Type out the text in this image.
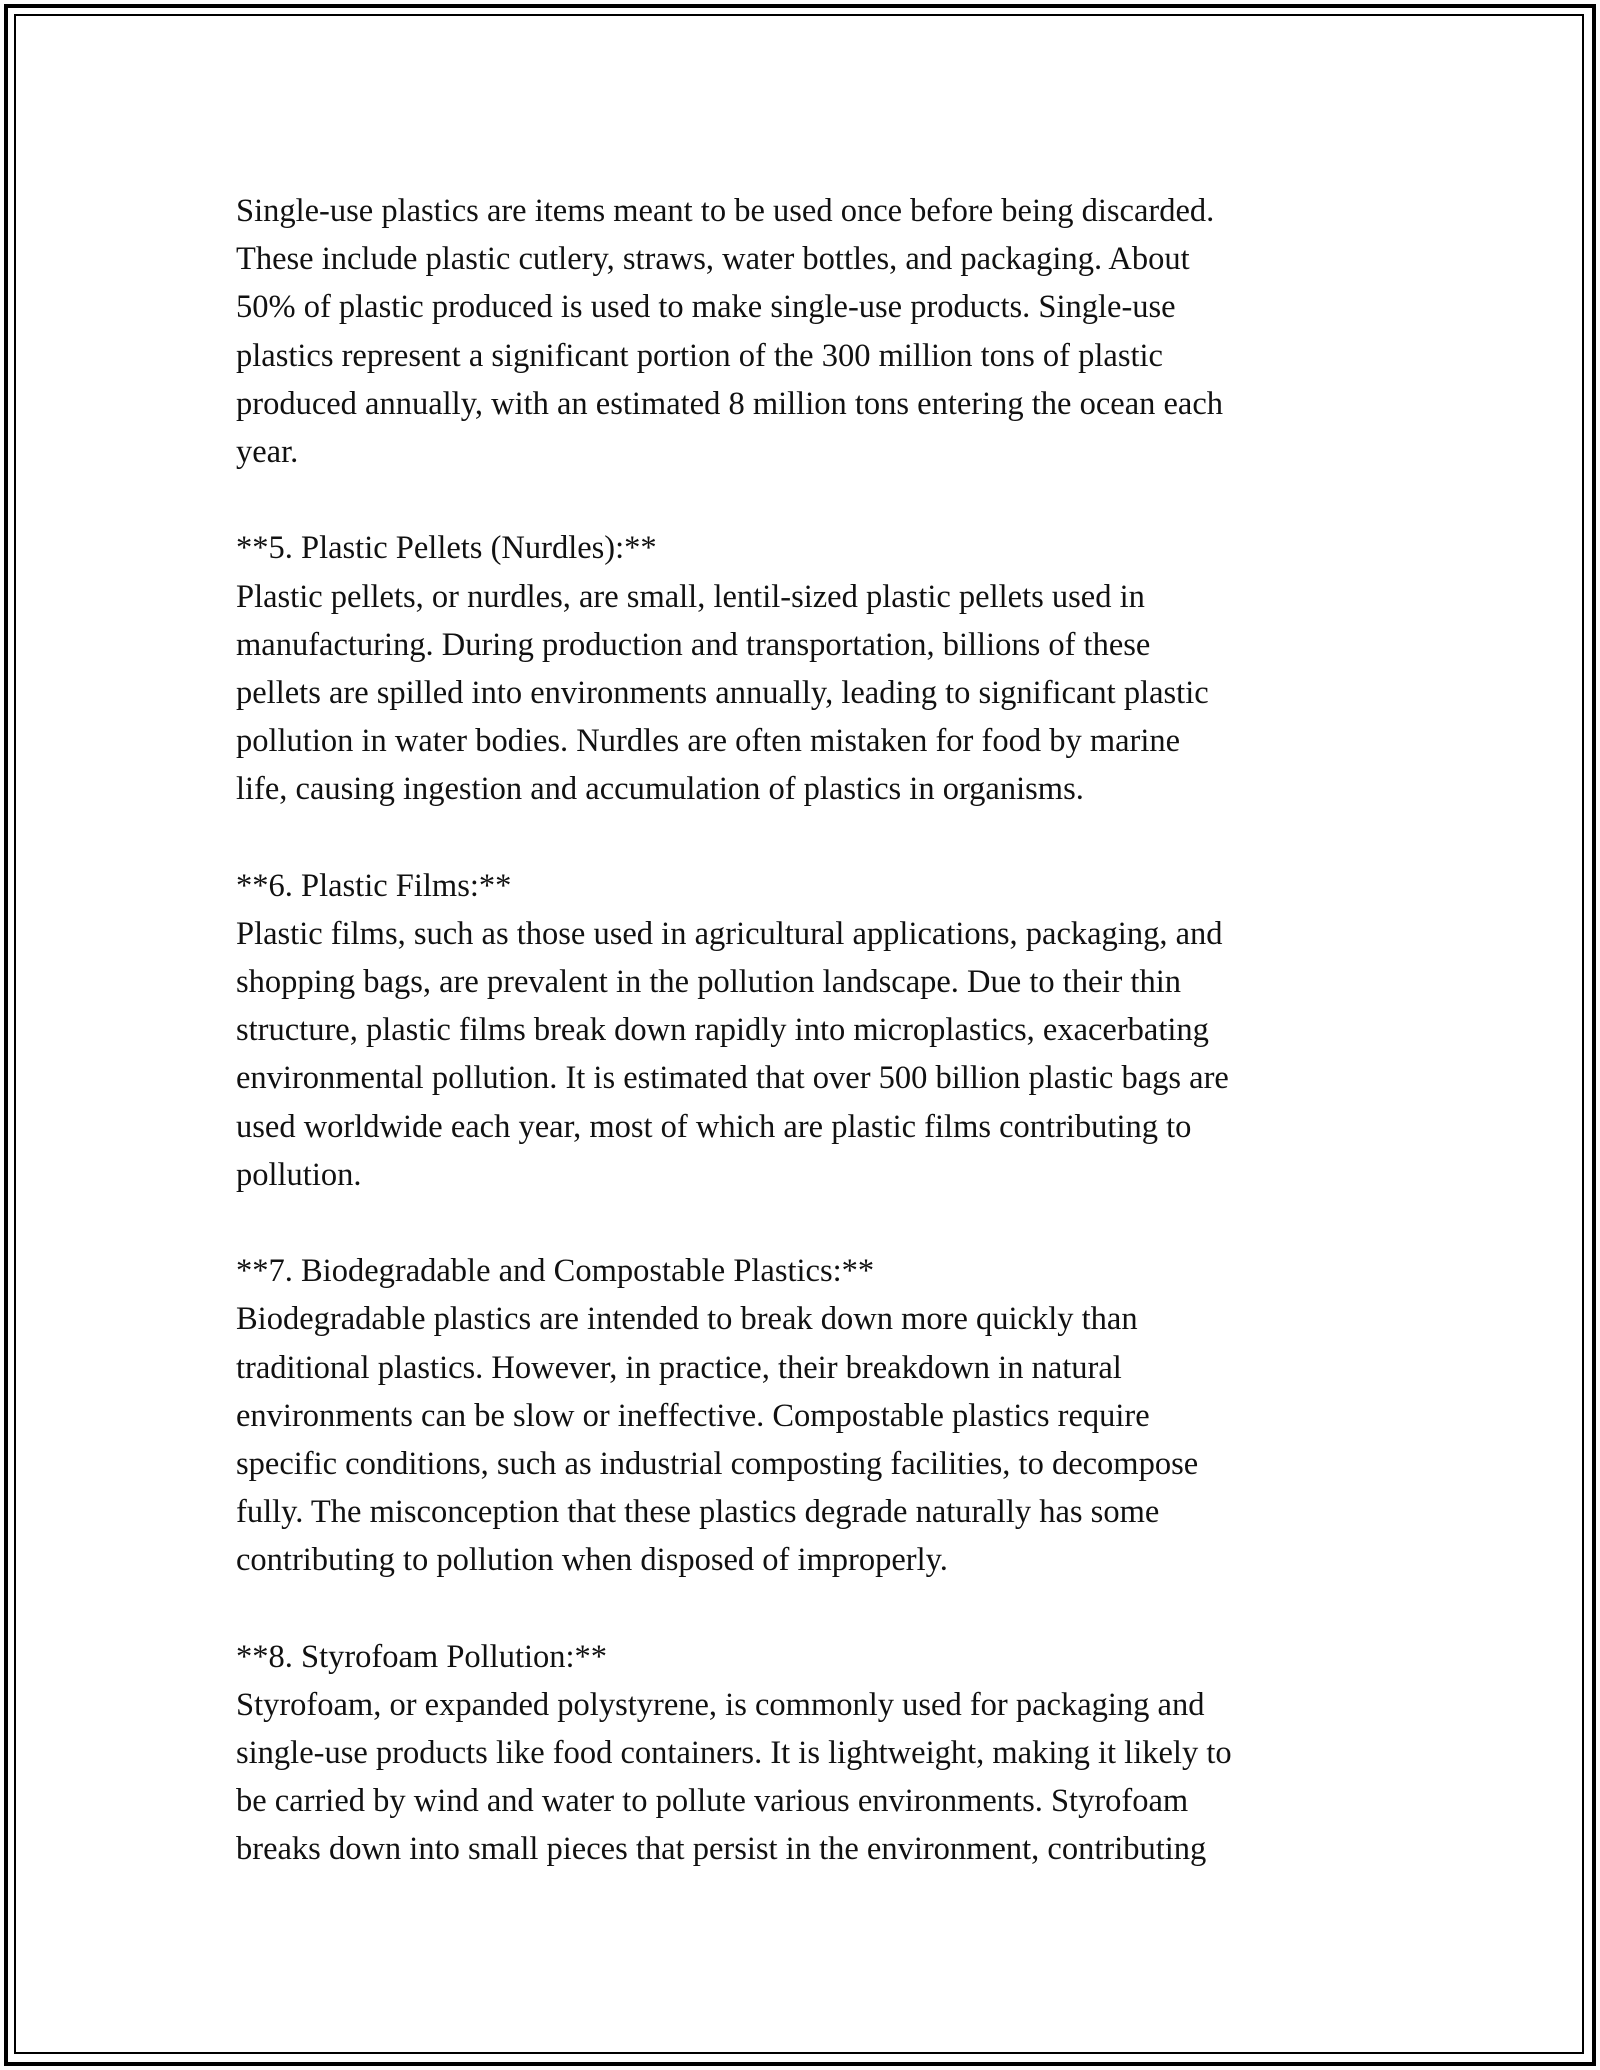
Single-use plastics are items meant to be used once before being discarded.
These include plastic cutlery, straws, water bottles, and packaging. About
50% of plastic produced is used to make single-use products. Single-use
plastics represent a significant portion of the 300 million tons of plastic
produced annually, with an estimated 8 million tons entering the ocean each
year.
**5. Plastic Pellets (Nurdles):**
Plastic pellets, or nurdles, are small, lentil-sized plastic pellets used in
manufacturing. During production and transportation, billions of these
pellets are spilled into environments annually, leading to significant plastic
pollution in water bodies. Nurdles are often mistaken for food by marine
life, causing ingestion and accumulation of plastics in organisms.
**6. Plastic Films:**
Plastic films, such as those used in agricultural applications, packaging, and
shopping bags, are prevalent in the pollution landscape. Due to their thin
structure, plastic films break down rapidly into microplastics, exacerbating
environmental pollution. It is estimated that over 500 billion plastic bags are
used worldwide each year, most of which are plastic films contributing to
pollution.
**7. Biodegradable and Compostable Plastics:**
Biodegradable plastics are intended to break down more quickly than
traditional plastics. However, in practice, their breakdown in natural
environments can be slow or ineffective. Compostable plastics require
specific conditions, such as industrial composting facilities, to decompose
fully. The misconception that these plastics degrade naturally has some
contributing to pollution when disposed of improperly.
**8. Styrofoam Pollution:**
Styrofoam, or expanded polystyrene, is commonly used for packaging and
single-use products like food containers. It is lightweight, making it likely to
be carried by wind and water to pollute various environments. Styrofoam
breaks down into small pieces that persist in the environment, contributing
